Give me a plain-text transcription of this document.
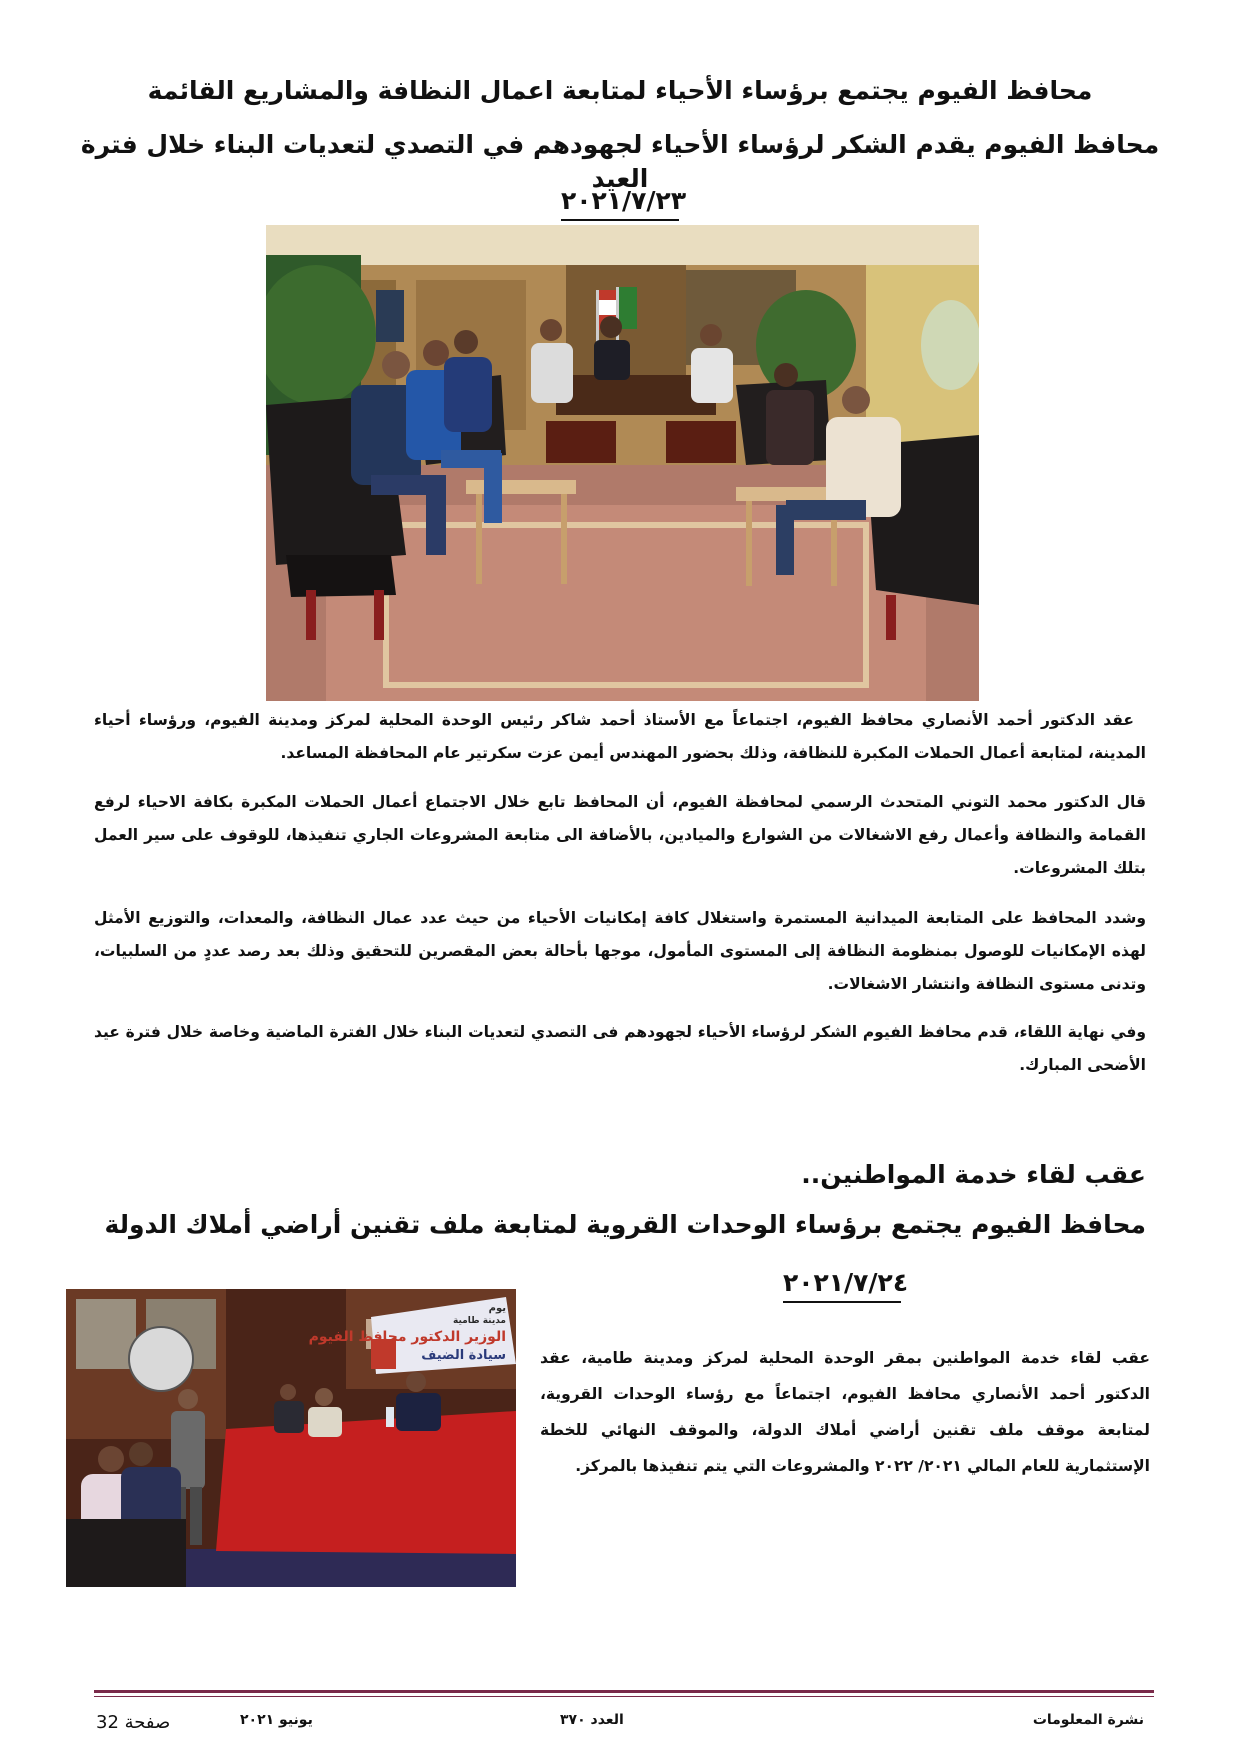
محافظ الفيوم يجتمع برؤساء الأحياء لمتابعة اعمال النظافة والمشاريع القائمة
محافظ الفيوم يقدم الشكر لرؤساء الأحياء لجهودهم في التصدي لتعديات البناء خلال فترة العيد
٢٠٢١/٧/٢٣
عقد الدكتور أحمد الأنصاري محافظ الفيوم، اجتماعاً مع الأستاذ أحمد شاكر رئيس الوحدة المحلية لمركز ومدينة الفيوم، ورؤساء أحياء المدينة، لمتابعة أعمال الحملات المكبرة للنظافة، وذلك بحضور المهندس أيمن عزت سكرتير عام المحافظة المساعد.
قال الدكتور محمد التوني المتحدث الرسمي لمحافظة الفيوم، أن المحافظ تابع خلال الاجتماع أعمال الحملات المكبرة بكافة الاحياء لرفع القمامة والنظافة وأعمال رفع الاشغالات من الشوارع والميادين، بالأضافة الى متابعة المشروعات الجاري تنفيذها، للوقوف على سير العمل بتلك المشروعات.
وشدد المحافظ على المتابعة الميدانية المستمرة واستغلال كافة إمكانيات الأحياء من حيث عدد عمال النظافة، والمعدات، والتوزيع الأمثل لهذه الإمكانيات للوصول بمنظومة النظافة إلى المستوى المأمول، موجها بأحالة بعض المقصرين للتحقيق وذلك بعد رصد عددٍ من السلبيات، وتدنى مستوى النظافة وانتشار الاشغالات.
وفي نهاية اللقاء، قدم محافظ الفيوم الشكر لرؤساء الأحياء لجهودهم فى التصدي لتعديات البناء خلال الفترة الماضية وخاصة خلال فترة عيد الأضحى المبارك.
عقب لقاء خدمة المواطنين..
محافظ الفيوم يجتمع برؤساء الوحدات القروية لمتابعة ملف تقنين أراضي أملاك الدولة
٢٠٢١/٧/٢٤
يوم
مدينة طامية
الوزير الدكتور محافظ الفيوم
سيادة الضيف عقب لقاء خدمة المواطنين بمقر الوحدة المحلية لمركز ومدينة طامية، عقد الدكتور أحمد الأنصاري محافظ الفيوم، اجتماعاً مع رؤساء الوحدات القروية، لمتابعة موقف ملف تقنين أراضي أملاك الدولة، والموقف النهائي للخطة الإستثمارية للعام المالي ٢٠٢١/ ٢٠٢٢ والمشروعات التي يتم تنفيذها بالمركز.
نشرة المعلومات
العدد ٣٧٠
يونيو ٢٠٢١
صفحة 32
